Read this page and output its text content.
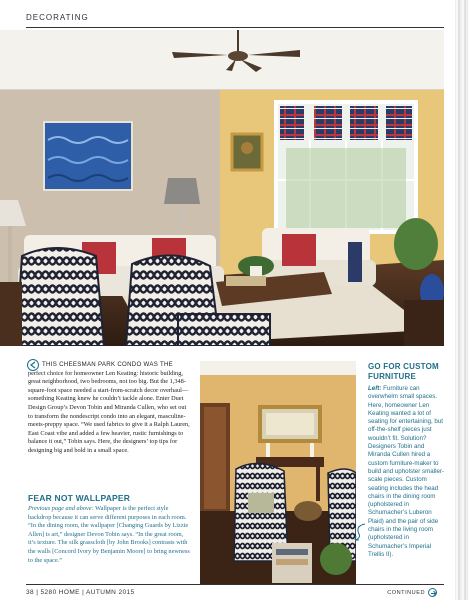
DECORATING
THIS CHEESMAN PARK CONDO WAS THE perfect choice for homeowner Len Keating: historic building, great neighborhood, two bedrooms, not too big. But the 1,348-square-foot space needed a start-from-scratch decor overhaul—something Keating knew he couldn’t tackle alone. Enter Duet Design Group’s Devon Tobin and Miranda Cullen, who set out to transform the nondescript condo into an elegant, masculine-meets-preppy space. “We used fabrics to give it a Ralph Lauren, East Coast vibe and added a few heavier, rustic furnishings to balance it out,” Tobin says. Here, the designers’ top tips for designing big and bold in a small space.
FEAR NOT WALLPAPER
Previous page and above: Wallpaper is the perfect style backdrop because it can serve different purposes in each room. “In the dining room, the wallpaper [Changing Guards by Lizzie Allen] is art,” designer Devon Tobin says. “In the great room, it’s texture. The silk grasscloth [by John Brooks] contrasts with the walls [Concord Ivory by Benjamin Moore] to bring newness to the space.”
GO FOR CUSTOM FURNITURE
Left: Furniture can overwhelm small spaces. Here, homeowner Len Keating wanted a lot of seating for entertaining, but off-the-shelf pieces just wouldn’t fit. Solution? Designers Tobin and Miranda Cullen hired a custom furniture-maker to build and upholster smaller-scale pieces. Custom seating includes the head chairs in the dining room (upholstered in Schumacher’s Luberon Plaid) and the pair of side chairs in the living room (upholstered in Schumacher’s Imperial Trellis II).
38 | 5280 HOME | AUTUMN 2015	CONTINUED
